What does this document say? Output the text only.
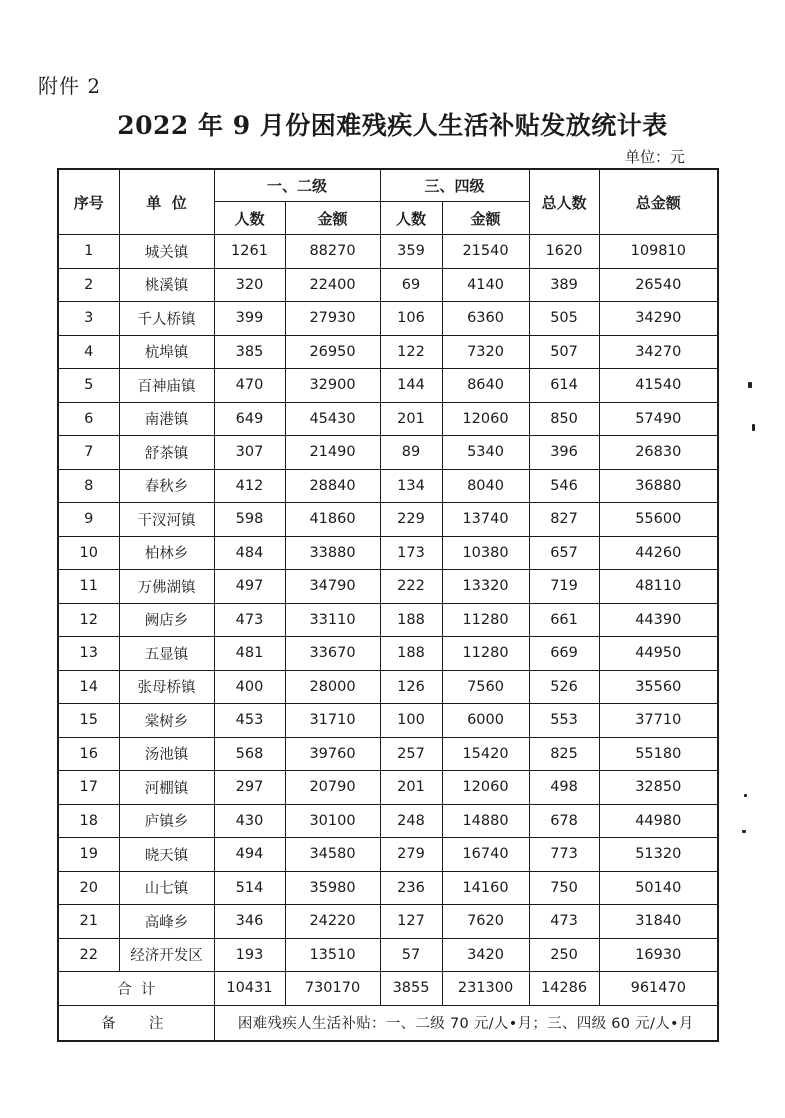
附件 2
2022 年 9 月份困难残疾人生活补贴发放统计表
单位：元
序号	单  位	一、二级		三、四级		总人数	总金额
		人数	金额	人数	金额		
1	城关镇	1261	88270	359	21540	1620	109810
2	桃溪镇	320	22400	69	4140	389	26540
3	千人桥镇	399	27930	106	6360	505	34290
4	杭埠镇	385	26950	122	7320	507	34270
5	百神庙镇	470	32900	144	8640	614	41540
6	南港镇	649	45430	201	12060	850	57490
7	舒茶镇	307	21490	89	5340	396	26830
8	春秋乡	412	28840	134	8040	546	36880
9	干汊河镇	598	41860	229	13740	827	55600
10	柏林乡	484	33880	173	10380	657	44260
11	万佛湖镇	497	34790	222	13320	719	48110
12	阙店乡	473	33110	188	11280	661	44390
13	五显镇	481	33670	188	11280	669	44950
14	张母桥镇	400	28000	126	7560	526	35560
15	棠树乡	453	31710	100	6000	553	37710
16	汤池镇	568	39760	257	15420	825	55180
17	河棚镇	297	20790	201	12060	498	32850
18	庐镇乡	430	30100	248	14880	678	44980
19	晓天镇	494	34580	279	16740	773	51320
20	山七镇	514	35980	236	14160	750	50140
21	高峰乡	346	24220	127	7620	473	31840
22	经济开发区	193	13510	57	3420	250	16930
合  计		10431	730170	3855	231300	14286	961470
备  注		困难残疾人生活补贴：一、二级 70 元/人•月；三、四级 60 元/人•月					
